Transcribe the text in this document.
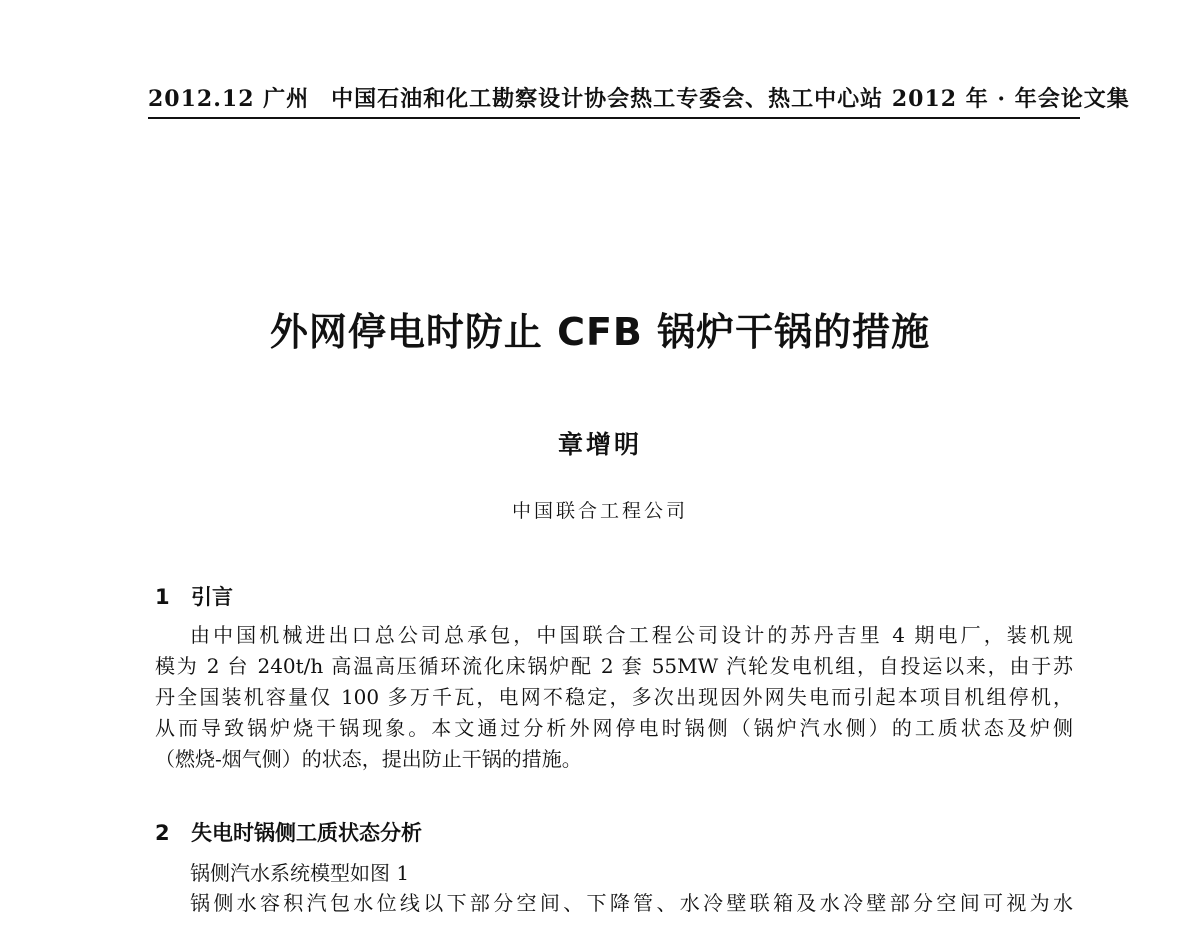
2012.12 广州 中国石油和化工勘察设计协会热工专委会、热工中心站 2012 年 · 年会论文集
外网停电时防止 CFB 锅炉干锅的措施
章增明
中国联合工程公司
1 引言
由中国机械进出口总公司总承包，中国联合工程公司设计的苏丹吉里 4 期电厂，装机规
模为 2 台 240t/h 高温高压循环流化床锅炉配 2 套 55MW 汽轮发电机组，自投运以来，由于苏
丹全国装机容量仅 100 多万千瓦，电网不稳定，多次出现因外网失电而引起本项目机组停机，
从而导致锅炉烧干锅现象。本文通过分析外网停电时锅侧（锅炉汽水侧）的工质状态及炉侧
（燃烧-烟气侧）的状态，提出防止干锅的措施。
2 失电时锅侧工质状态分析
锅侧汽水系统模型如图 1
锅侧水容积汽包水位线以下部分空间、下降管、水冷壁联箱及水冷壁部分空间可视为水
